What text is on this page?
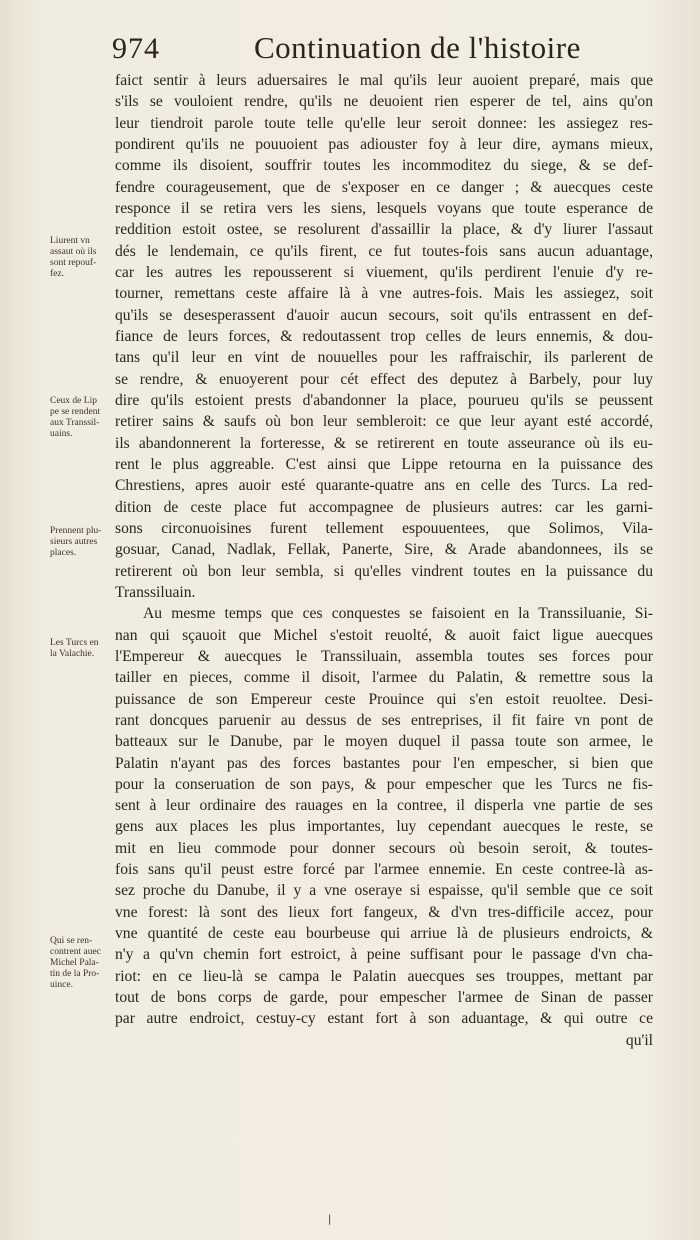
974	Continuation de l'histoire
faict sentir à leurs aduersaires le mal qu'ils leur auoient preparé, mais que
s'ils se vouloient rendre, qu'ils ne deuoient rien esperer de tel, ains qu'on
leur tiendroit parole toute telle qu'elle leur seroit donnee: les assiegez res-
pondirent qu'ils ne pouuoient pas adiouster foy à leur dire, aymans mieux,
comme ils disoient, souffrir toutes les incommoditez du siege, & se def-
fendre courageusement, que de s'exposer en ce danger ; & auecques ceste
responce il se retira vers les siens, lesquels voyans que toute esperance de
reddition estoit ostee, se resolurent d'assaillir la place, & d'y liurer l'assaut
dés le lendemain, ce qu'ils firent, ce fut toutes-fois sans aucun aduantage,
car les autres les repousserent si viuement, qu'ils perdirent l'enuie d'y re-
tourner, remettans ceste affaire là à vne autres-fois. Mais les assiegez, soit
qu'ils se desesperassent d'auoir aucun secours, soit qu'ils entrassent en def-
fiance de leurs forces, & redoutassent trop celles de leurs ennemis, & dou-
tans qu'il leur en vint de nouuelles pour les raffraischir, ils parlerent de
se rendre, & enuoyerent pour cét effect des deputez à Barbely, pour luy
dire qu'ils estoient prests d'abandonner la place, pourueu qu'ils se peussent
retirer sains & saufs où bon leur sembleroit: ce que leur ayant esté accordé,
ils abandonnerent la forteresse, & se retirerent en toute asseurance où ils eu-
rent le plus aggreable. C'est ainsi que Lippe retourna en la puissance des
Chrestiens, apres auoir esté quarante-quatre ans en celle des Turcs. La red-
dition de ceste place fut accompagnee de plusieurs autres: car les garni-
sons circonuoisines furent tellement espouuentees, que Solimos, Vila-
gosuar, Canad, Nadlak, Fellak, Panerte, Sire, & Arade abandonnees, ils se
retirerent où bon leur sembla, si qu'elles vindrent toutes en la puissance du
Transsiluain.
Au mesme temps que ces conquestes se faisoient en la Transsiluanie, Si-
nan qui sçauoit que Michel s'estoit reuolté, & auoit faict ligue auecques
l'Empereur & auecques le Transsiluain, assembla toutes ses forces pour
tailler en pieces, comme il disoit, l'armee du Palatin, & remettre sous la
puissance de son Empereur ceste Prouince qui s'en estoit reuoltee. Desi-
rant doncques paruenir au dessus de ses entreprises, il fit faire vn pont de
batteaux sur le Danube, par le moyen duquel il passa toute son armee, le
Palatin n'ayant pas des forces bastantes pour l'en empescher, si bien que
pour la conseruation de son pays, & pour empescher que les Turcs ne fis-
sent à leur ordinaire des rauages en la contree, il disperla vne partie de ses
gens aux places les plus importantes, luy cependant auecques le reste, se
mit en lieu commode pour donner secours où besoin seroit, & toutes-
fois sans qu'il peust estre forcé par l'armee ennemie. En ceste contree-là as-
sez proche du Danube, il y a vne oseraye si espaisse, qu'il semble que ce soit
vne forest: là sont des lieux fort fangeux, & d'vn tres-difficile accez, pour
vne quantité de ceste eau bourbeuse qui arriue là de plusieurs endroicts, &
n'y a qu'vn chemin fort estroict, à peine suffisant pour le passage d'vn cha-
riot: en ce lieu-là se campa le Palatin auecques ses trouppes, mettant par
tout de bons corps de garde, pour empescher l'armee de Sinan de passer
par autre endroict, cestuy-cy estant fort à son aduantage, & qui outre ce
qu'il
Liurent vn
assaut où ils
sont repouf-
fez.
Ceux de Lip
pe se rendent
aux Transsil-
uains.
Prennent plu-
sieurs autres
places.
Les Turcs en
la Valachie.
Qui se ren-
contrent auec
Michel Pala-
tin de la Pro-
uince.
|
